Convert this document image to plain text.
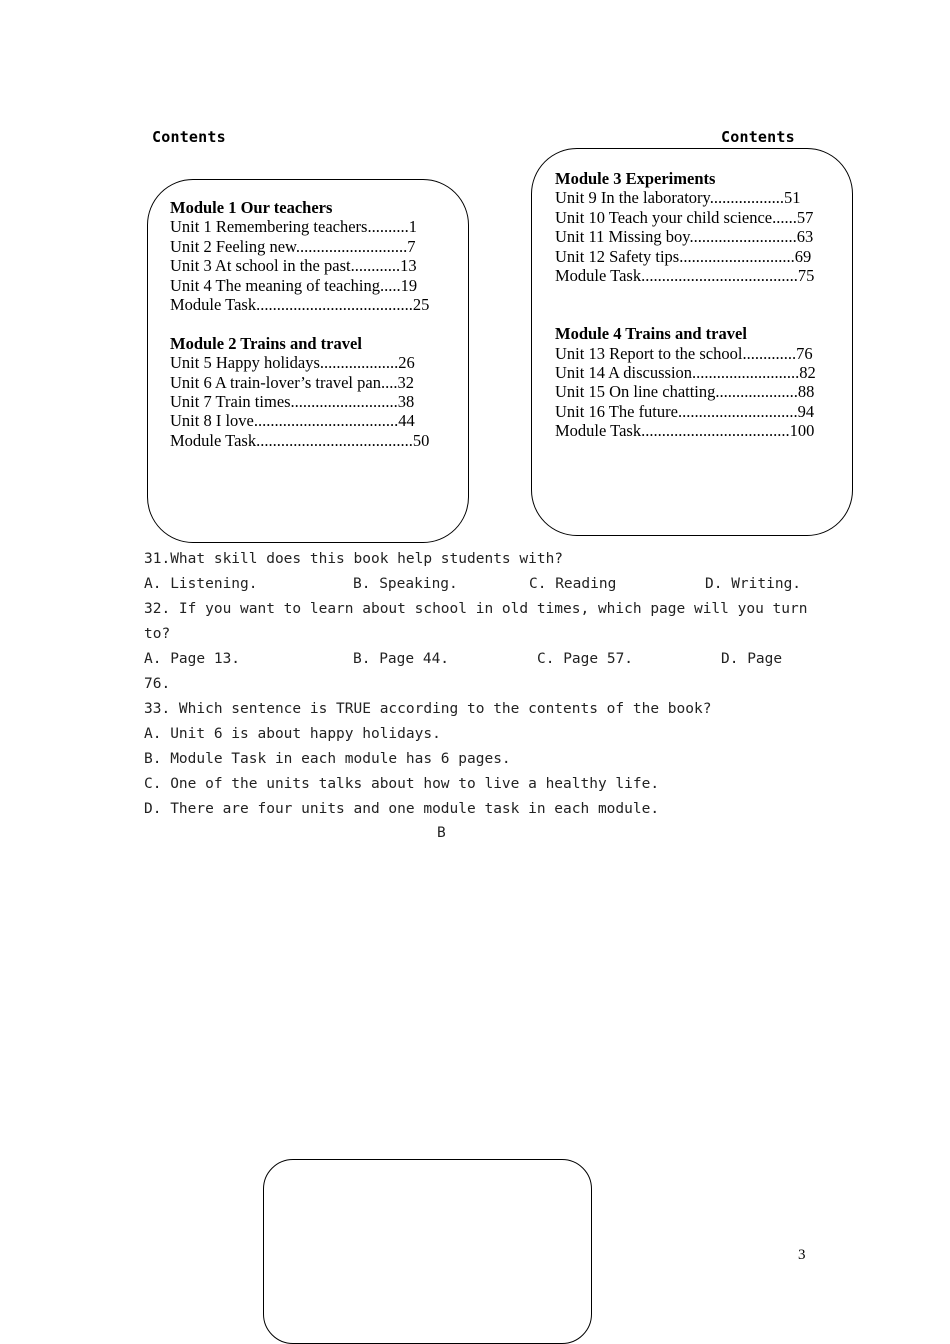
Contents	Contents
Module 1 Our teachers
Unit 1 Remembering teachers..........1
Unit 2 Feeling new...........................7
Unit 3 At school in the past............13
Unit 4 The meaning of teaching.....19
Module Task......................................25
Module 2 Trains and travel
Unit 5 Happy holidays...................26
Unit 6 A train-lover’s travel pan....32
Unit 7 Train times..........................38
Unit 8 I love...................................44
Module Task......................................50
Module 3 Experiments
Unit 9 In the laboratory..................51
Unit 10 Teach your child science......57
Unit 11 Missing boy..........................63
Unit 12 Safety tips............................69
Module Task......................................75
Module 4 Trains and travel
Unit 13 Report to the school.............76
Unit 14 A discussion..........................82
Unit 15 On line chatting....................88
Unit 16 The future.............................94
Module Task....................................100
31.What skill does this book help students with?
A. Listening.	B. Speaking.	C. Reading	D. Writing.
32. If you want to learn about school in old times, which page will you turn
to?
A. Page 13.	B. Page 44.	C. Page 57.	D. Page
76.
33. Which sentence is TRUE according to the contents of the book?
A. Unit 6 is about happy holidays.
B. Module Task in each module has 6 pages.
C. One of the units talks about how to live a healthy life.
D. There are four units and one module task in each module.
B
3
